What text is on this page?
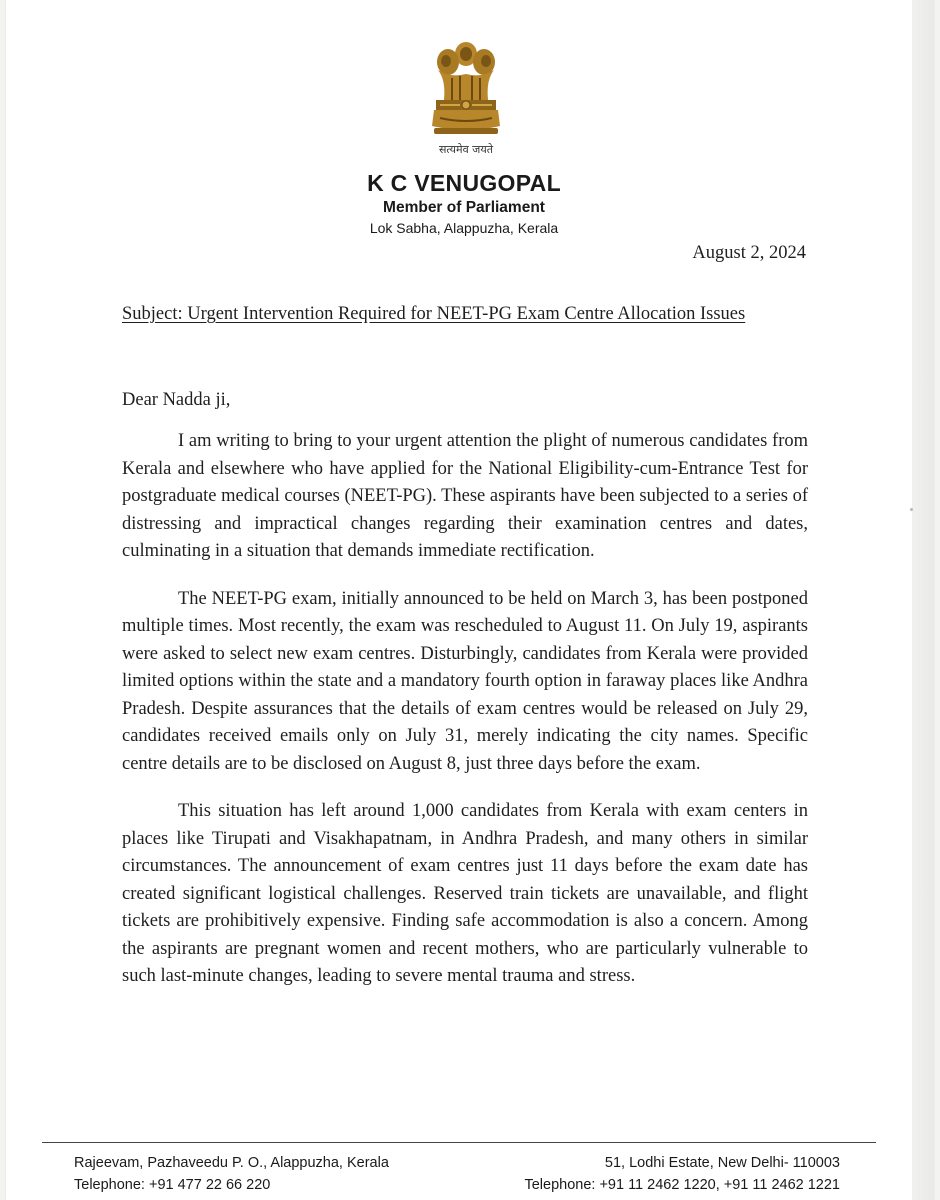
सत्यमेव जयते
K C VENUGOPAL
Member of Parliament
Lok Sabha, Alappuzha, Kerala
August 2, 2024
Subject: Urgent Intervention Required for NEET-PG Exam Centre Allocation Issues
Dear Nadda ji,

I am writing to bring to your urgent attention the plight of numerous candidates from Kerala and elsewhere who have applied for the National Eligibility-cum-Entrance Test for postgraduate medical courses (NEET-PG). These aspirants have been subjected to a series of distressing and impractical changes regarding their examination centres and dates, culminating in a situation that demands immediate rectification.

The NEET-PG exam, initially announced to be held on March 3, has been postponed multiple times. Most recently, the exam was rescheduled to August 11. On July 19, aspirants were asked to select new exam centres. Disturbingly, candidates from Kerala were provided limited options within the state and a mandatory fourth option in faraway places like Andhra Pradesh. Despite assurances that the details of exam centres would be released on July 29, candidates received emails only on July 31, merely indicating the city names. Specific centre details are to be disclosed on August 8, just three days before the exam.

This situation has left around 1,000 candidates from Kerala with exam centers in places like Tirupati and Visakhapatnam, in Andhra Pradesh, and many others in similar circumstances. The announcement of exam centres just 11 days before the exam date has created significant logistical challenges. Reserved train tickets are unavailable, and flight tickets are prohibitively expensive. Finding safe accommodation is also a concern. Among the aspirants are pregnant women and recent mothers, who are particularly vulnerable to such last-minute changes, leading to severe mental trauma and stress.

Rajeevam, Pazhaveedu P. O., Alappuzha, Kerala
Telephone: +91 477 22 66 220
51, Lodhi Estate, New Delhi- 110003
Telephone: +91 11 2462 1220, +91 11 2462 1221
